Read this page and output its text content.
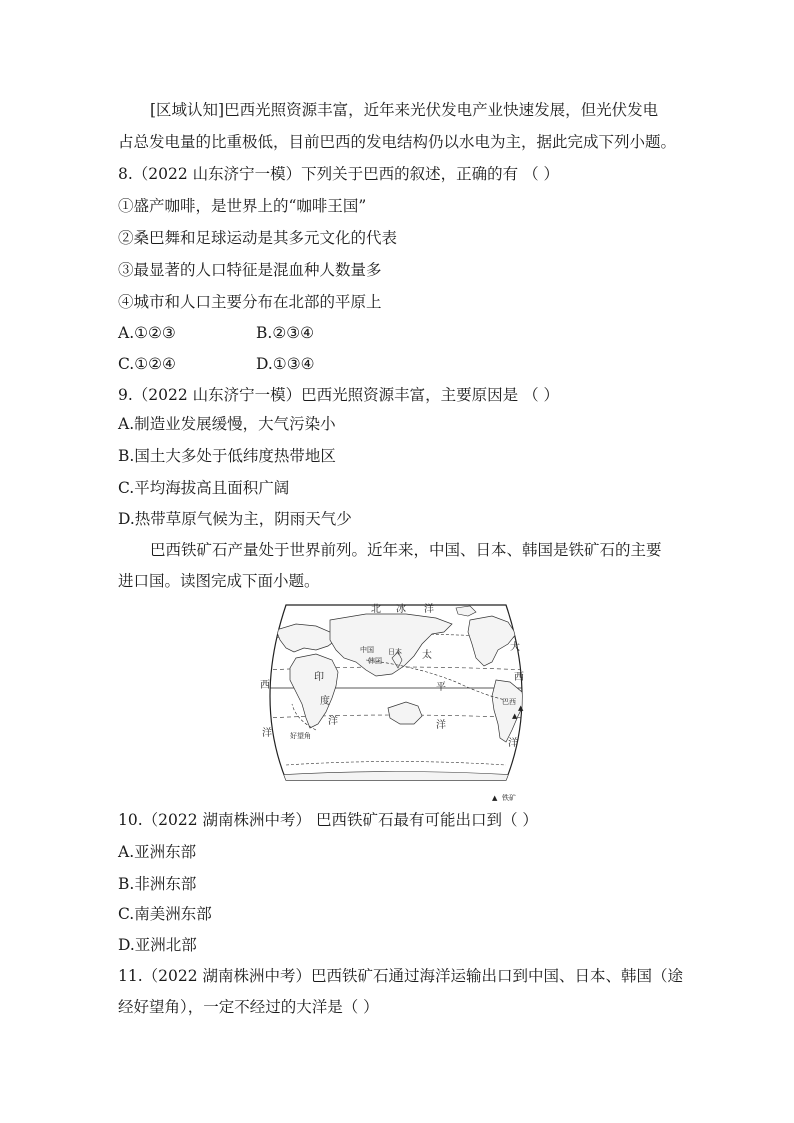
[区域认知]巴西光照资源丰富，近年来光伏发电产业快速发展，但光伏发电
占总发电量的比重极低，目前巴西的发电结构仍以水电为主，据此完成下列小题。
8.（2022 山东济宁一模）下列关于巴西的叙述，正确的有 （ ）
①盛产咖啡，是世界上的“咖啡王国”
②桑巴舞和足球运动是其多元文化的代表
③最显著的人口特征是混血种人数量多
④城市和人口主要分布在北部的平原上
A.①②③	B.②③④
C.①②④	D.①③④
9.（2022 山东济宁一模）巴西光照资源丰富，主要原因是 （ ）
A.制造业发展缓慢，大气污染小
B.国土大多处于低纬度热带地区
C.平均海拔高且面积广阔
D.热带草原气候为主，阴雨天气少
巴西铁矿石产量处于世界前列。近年来，中国、日本、韩国是铁矿石的主要
进口国。读图完成下面小题。
北 冰 洋
中国
韩国
日本 太
大
西
印
度
洋
平
西
巴西
洋	好望角
洋
洋
▲
▲
▲ 铁矿
10.（2022 湖南株洲中考） 巴西铁矿石最有可能出口到（ ）
A.亚洲东部
B.非洲东部
C.南美洲东部
D.亚洲北部
11.（2022 湖南株洲中考）巴西铁矿石通过海洋运输出口到中国、日本、韩国（途
经好望角），一定不经过的大洋是（ ）
